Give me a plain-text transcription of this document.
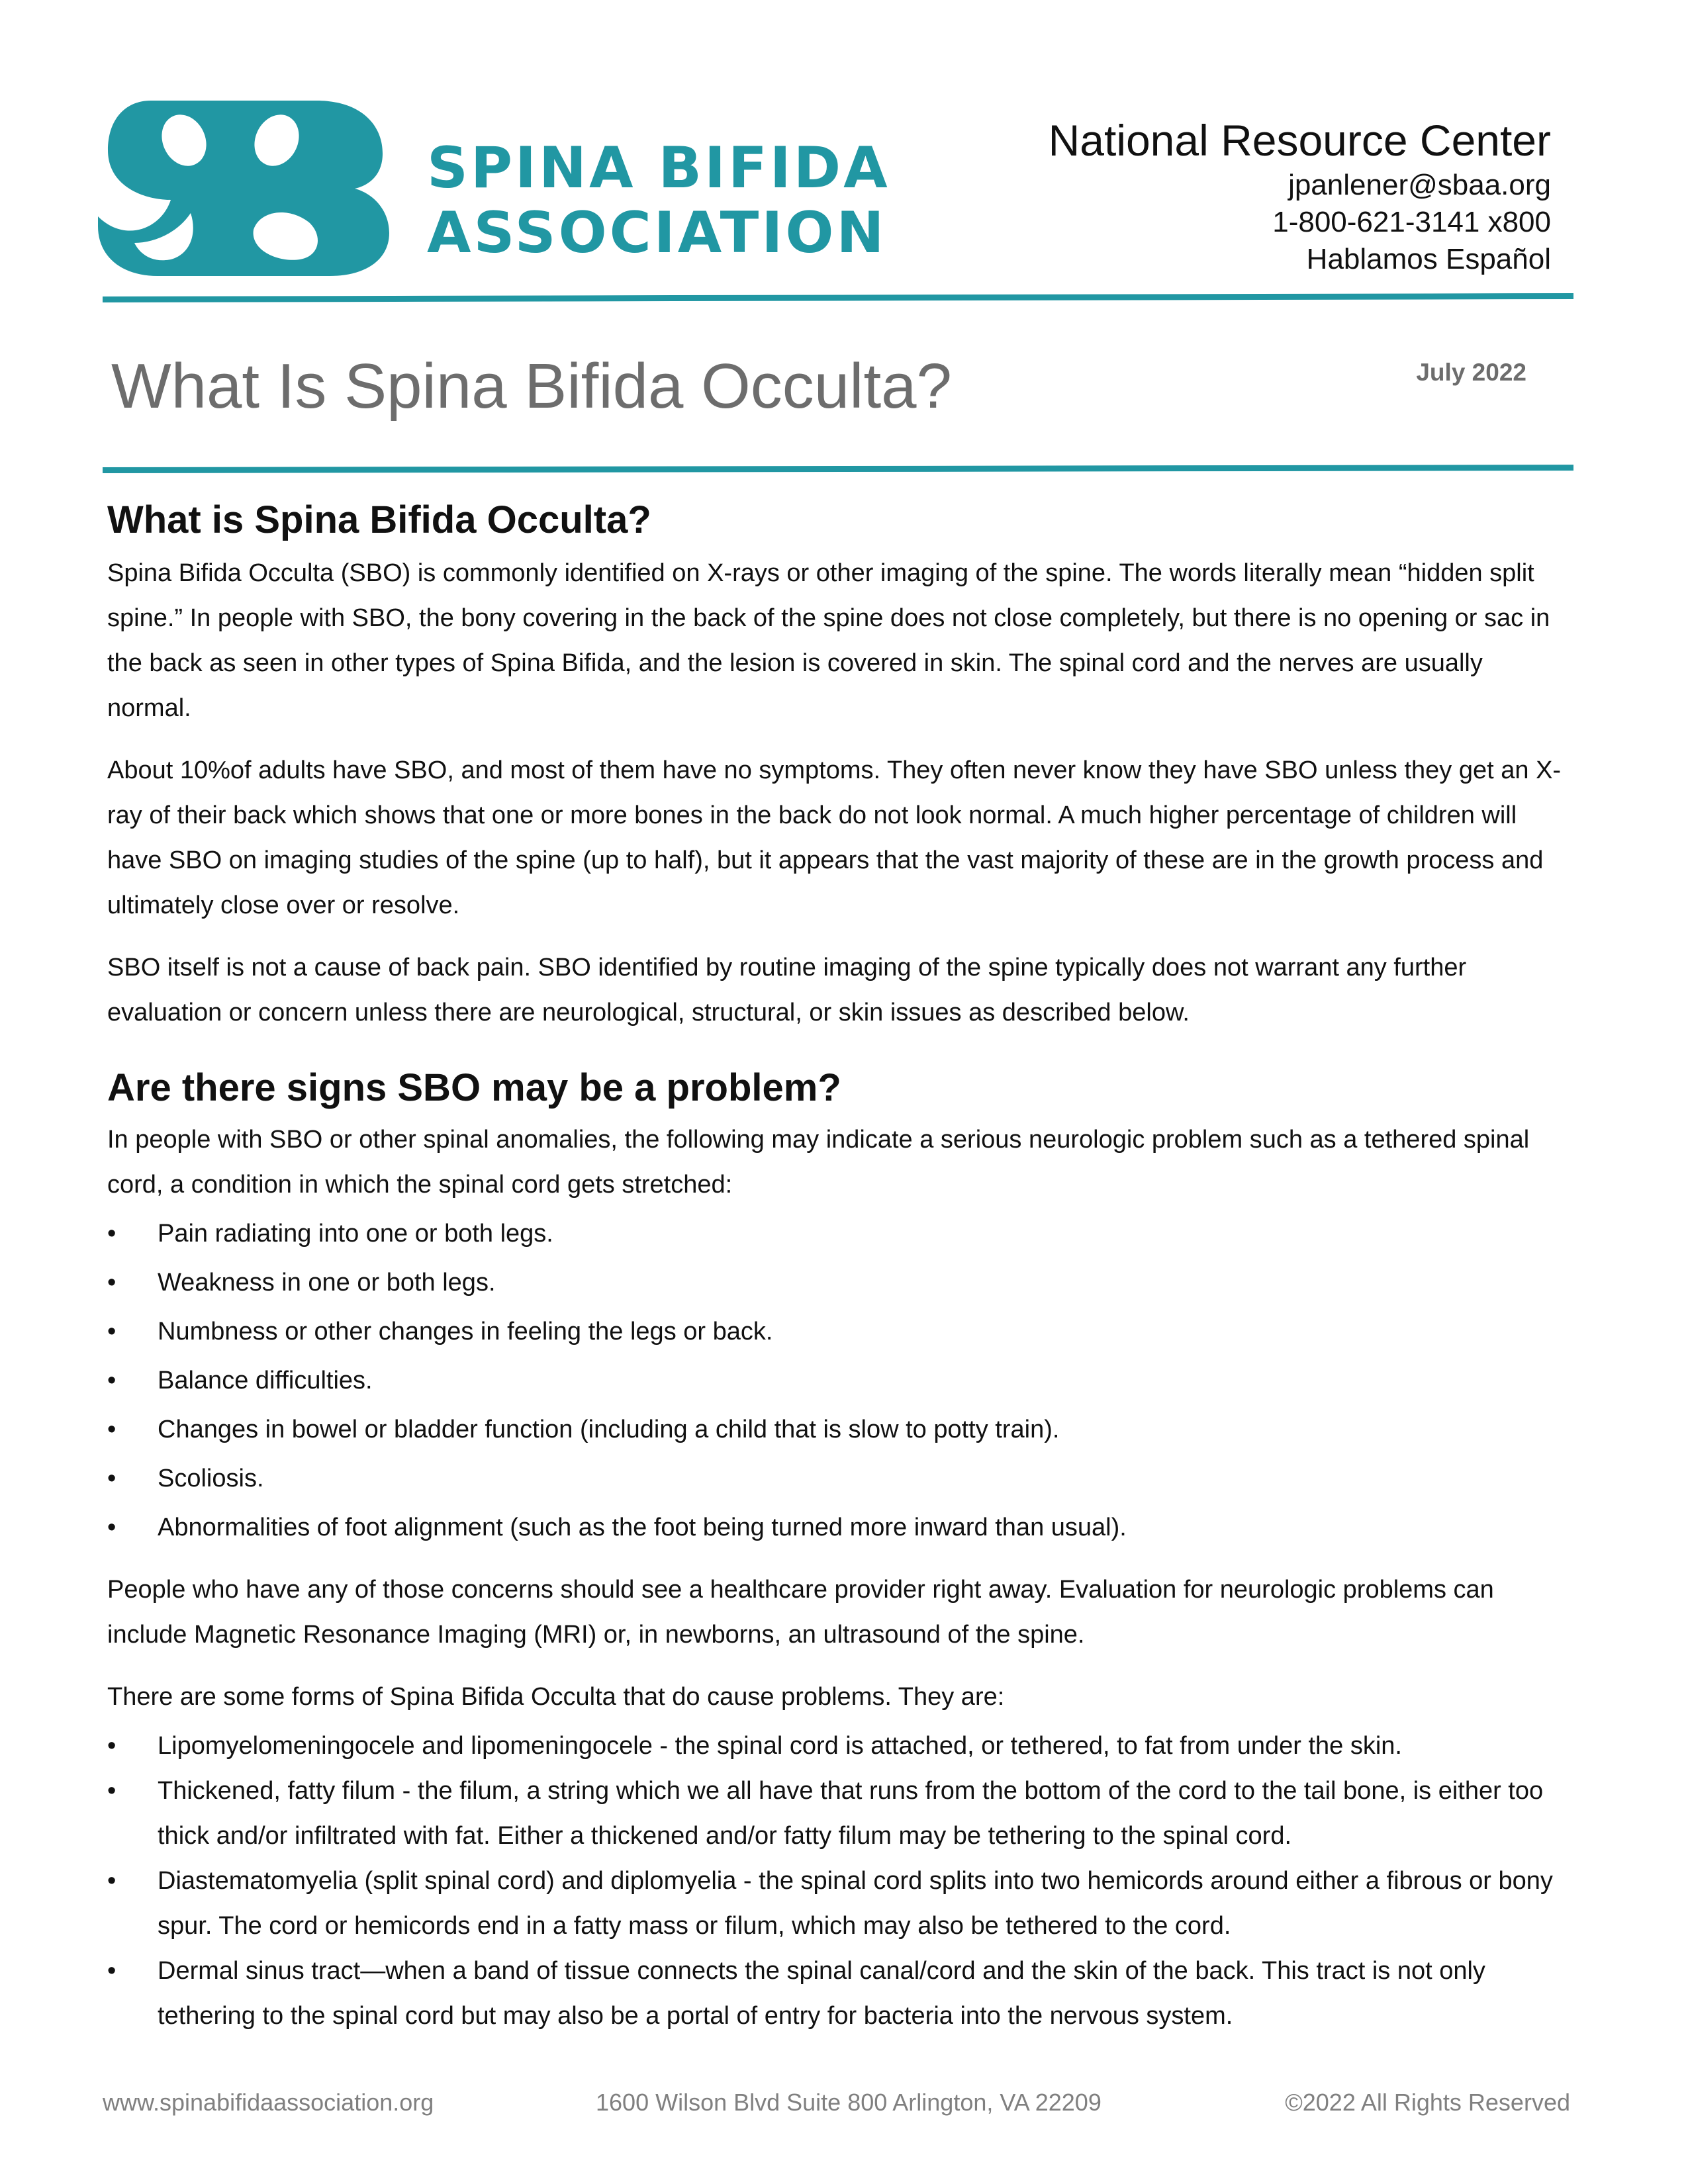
SPINA BIFIDA
ASSOCIATION
National Resource Center
jpanlener@sbaa.org
1-800-621-3141 x800
Hablamos Español
What Is Spina Bifida Occulta?	July 2022
What is Spina Bifida Occulta?

Spina Bifida Occulta (SBO) is commonly identified on X-rays or other imaging of the spine. The words literally mean “hidden split spine.” In people with SBO, the bony covering in the back of the spine does not close completely, but there is no opening or sac in the back as seen in other types of Spina Bifida, and the lesion is covered in skin. The spinal cord and the nerves are usually normal.

About 10%of adults have SBO, and most of them have no symptoms. They often never know they have SBO unless they get an X-ray of their back which shows that one or more bones in the back do not look normal. A much higher percentage of children will have SBO on imaging studies of the spine (up to half), but it appears that the vast majority of these are in the growth process and ultimately close over or resolve.

SBO itself is not a cause of back pain. SBO identified by routine imaging of the spine typically does not warrant any further evaluation or concern unless there are neurological, structural, or skin issues as described below.

Are there signs SBO may be a problem?

In people with SBO or other spinal anomalies, the following may indicate a serious neurologic problem such as a tethered spinal cord, a condition in which the spinal cord gets stretched:

•	Pain radiating into one or both legs.
•	Weakness in one or both legs.
•	Numbness or other changes in feeling the legs or back.
•	Balance difficulties.
•	Changes in bowel or bladder function (including a child that is slow to potty train).
•	Scoliosis.
•	Abnormalities of foot alignment (such as the foot being turned more inward than usual).

People who have any of those concerns should see a healthcare provider right away. Evaluation for neurologic problems can include Magnetic Resonance Imaging (MRI) or, in newborns, an ultrasound of the spine.

There are some forms of Spina Bifida Occulta that do cause problems. They are:

•	Lipomyelomeningocele and lipomeningocele - the spinal cord is attached, or tethered, to fat from under the skin.
•	Thickened, fatty filum - the filum, a string which we all have that runs from the bottom of the cord to the tail bone, is either too thick and/or infiltrated with fat. Either a thickened and/or fatty filum may be tethering to the spinal cord.
•	Diastematomyelia (split spinal cord) and diplomyelia - the spinal cord splits into two hemicords around either a fibrous or bony spur. The cord or hemicords end in a fatty mass or filum, which may also be tethered to the cord.
•	Dermal sinus tract—when a band of tissue connects the spinal canal/cord and the skin of the back. This tract is not only tethering to the spinal cord but may also be a portal of entry for bacteria into the nervous system.
www.spinabifidaassociation.org	1600 Wilson Blvd Suite 800 Arlington, VA 22209	©2022 All Rights Reserved
